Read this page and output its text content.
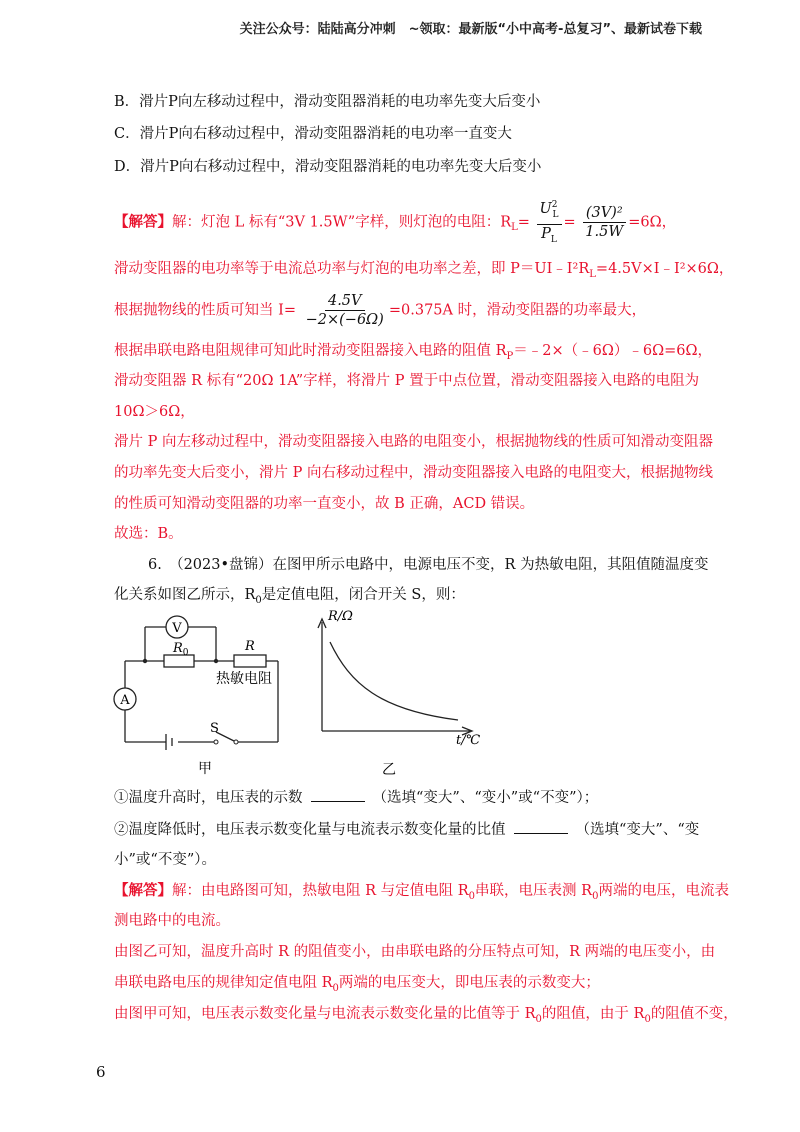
关注公众号：陆陆高分冲刺　~领取：最新版“小中高考-总复习”、最新试卷下载
B．滑片P向左移动过程中，滑动变阻器消耗的电功率先变大后变小
C．滑片P向右移动过程中，滑动变阻器消耗的电功率一直变大
D．滑片P向右移动过程中，滑动变阻器消耗的电功率先变大后变小
【解答】解：灯泡 L 标有“3V 1.5W”字样，则灯泡的电阻：$R_L= \frac{U^2_L}{P_L} = \frac{\text{(3V)²}}{1.5W} =6\Omega$，
滑动变阻器的电功率等于电流总功率与灯泡的电功率之差，即 $P=UI﹣I^2R_L=4.5V\times I﹣I^2\times 6\Omega$，
根据抛物线的性质可知当 $I= \frac{4.5V}{-2\times(-6\Omega)} =0.375A$ 时，滑动变阻器的功率最大，
根据串联电路电阻规律可知此时滑动变阻器接入电路的阻值 $R_P=﹣2\times(﹣6\Omega)﹣6\Omega=6\Omega$，
滑动变阻器 R 标有“20Ω 1A”字样，将滑片 P 置于中点位置，滑动变阻器接入电路的电阻为
10Ω＞6Ω，
滑片 P 向左移动过程中，滑动变阻器接入电路的电阻变小，根据抛物线的性质可知滑动变阻器
的功率先变大后变小，滑片 P 向右移动过程中，滑动变阻器接入电路的电阻变大，根据抛物线
的性质可知滑动变阻器的功率一直变小，故 B 正确，ACD 错误。
故选：B。
6.　（2023•盘锦）在图甲所示电路中，电源电压不变，R 为热敏电阻，其阻值随温度变
化关系如图乙所示，$R_0$是定值电阻，闭合开关 S，则：
V
A
$R_0$	R
热敏电阻
S
甲
R/Ω
t/℃
乙
①温度升高时，电压表的示数	（选填“变大”、“变小”或“不变”）；
②温度降低时，电压表示数变化量与电流表示数变化量的比值	（选填“变大”、“变
小”或“不变”）。
【解答】解：由电路图可知，热敏电阻 R 与定值电阻 $R_0$串联，电压表测 $R_0$两端的电压，电流表
测电路中的电流。
由图乙可知，温度升高时 R 的阻值变小，由串联电路的分压特点可知，R 两端的电压变小，由
串联电路电压的规律知定值电阻 $R_0$两端的电压变大，即电压表的示数变大；
由图甲可知，电压表示数变化量与电流表示数变化量的比值等于 $R_0$的阻值，由于 $R_0$的阻值不变，
6
